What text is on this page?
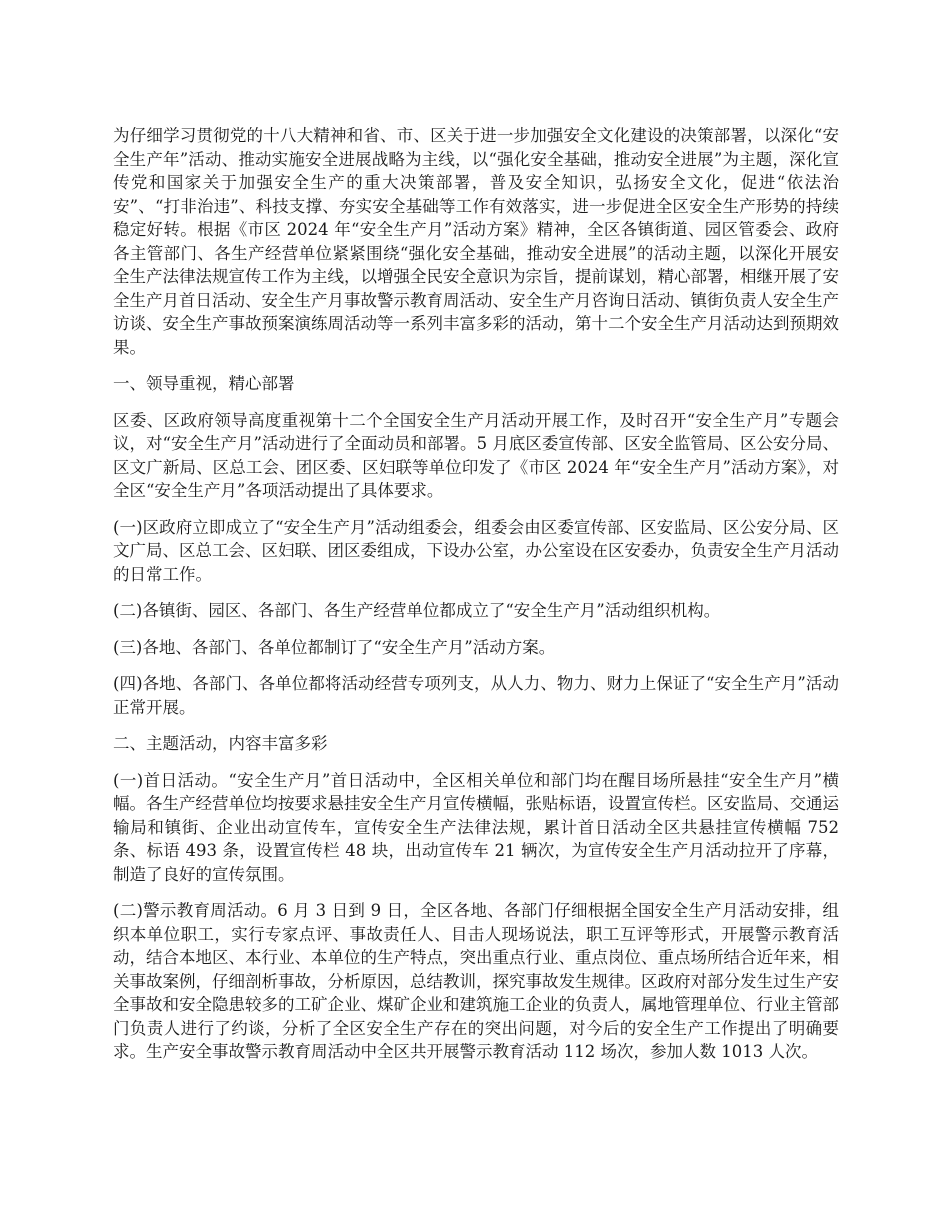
为仔细学习贯彻党的十八大精神和省、市、区关于进一步加强安全文化建设的决策部署，以深化“安全生产年”活动、推动实施安全进展战略为主线，以“强化安全基础，推动安全进展”为主题，深化宣传党和国家关于加强安全生产的重大决策部署，普及安全知识，弘扬安全文化，促进“依法治安”、“打非治违”、科技支撑、夯实安全基础等工作有效落实，进一步促进全区安全生产形势的持续稳定好转。根据《市区 2024 年“安全生产月”活动方案》精神，全区各镇街道、园区管委会、政府各主管部门、各生产经营单位紧紧围绕“强化安全基础，推动安全进展”的活动主题，以深化开展安全生产法律法规宣传工作为主线，以增强全民安全意识为宗旨，提前谋划，精心部署，相继开展了安全生产月首日活动、安全生产月事故警示教育周活动、安全生产月咨询日活动、镇街负责人安全生产访谈、安全生产事故预案演练周活动等一系列丰富多彩的活动，第十二个安全生产月活动达到预期效果。

一、领导重视，精心部署

区委、区政府领导高度重视第十二个全国安全生产月活动开展工作，及时召开“安全生产月”专题会议，对“安全生产月”活动进行了全面动员和部署。5 月底区委宣传部、区安全监管局、区公安分局、区文广新局、区总工会、团区委、区妇联等单位印发了《市区 2024 年“安全生产月”活动方案》，对全区“安全生产月”各项活动提出了具体要求。

(一)区政府立即成立了“安全生产月”活动组委会，组委会由区委宣传部、区安监局、区公安分局、区文广局、区总工会、区妇联、团区委组成，下设办公室，办公室设在区安委办，负责安全生产月活动的日常工作。

(二)各镇街、园区、各部门、各生产经营单位都成立了“安全生产月”活动组织机构。

(三)各地、各部门、各单位都制订了“安全生产月”活动方案。

(四)各地、各部门、各单位都将活动经营专项列支，从人力、物力、财力上保证了“安全生产月”活动正常开展。

二、主题活动，内容丰富多彩

(一)首日活动。“安全生产月”首日活动中，全区相关单位和部门均在醒目场所悬挂“安全生产月”横幅。各生产经营单位均按要求悬挂安全生产月宣传横幅，张贴标语，设置宣传栏。区安监局、交通运输局和镇街、企业出动宣传车，宣传安全生产法律法规，累计首日活动全区共悬挂宣传横幅 752 条、标语 493 条，设置宣传栏 48 块，出动宣传车 21 辆次，为宣传安全生产月活动拉开了序幕，制造了良好的宣传氛围。

(二)警示教育周活动。6 月 3 日到 9 日，全区各地、各部门仔细根据全国安全生产月活动安排，组织本单位职工，实行专家点评、事故责任人、目击人现场说法，职工互评等形式，开展警示教育活动，结合本地区、本行业、本单位的生产特点，突出重点行业、重点岗位、重点场所结合近年来，相关事故案例，仔细剖析事故，分析原因，总结教训，探究事故发生规律。区政府对部分发生过生产安全事故和安全隐患较多的工矿企业、煤矿企业和建筑施工企业的负责人，属地管理单位、行业主管部门负责人进行了约谈，分析了全区安全生产存在的突出问题，对今后的安全生产工作提出了明确要求。生产安全事故警示教育周活动中全区共开展警示教育活动 112 场次，参加人数 1013 人次。
